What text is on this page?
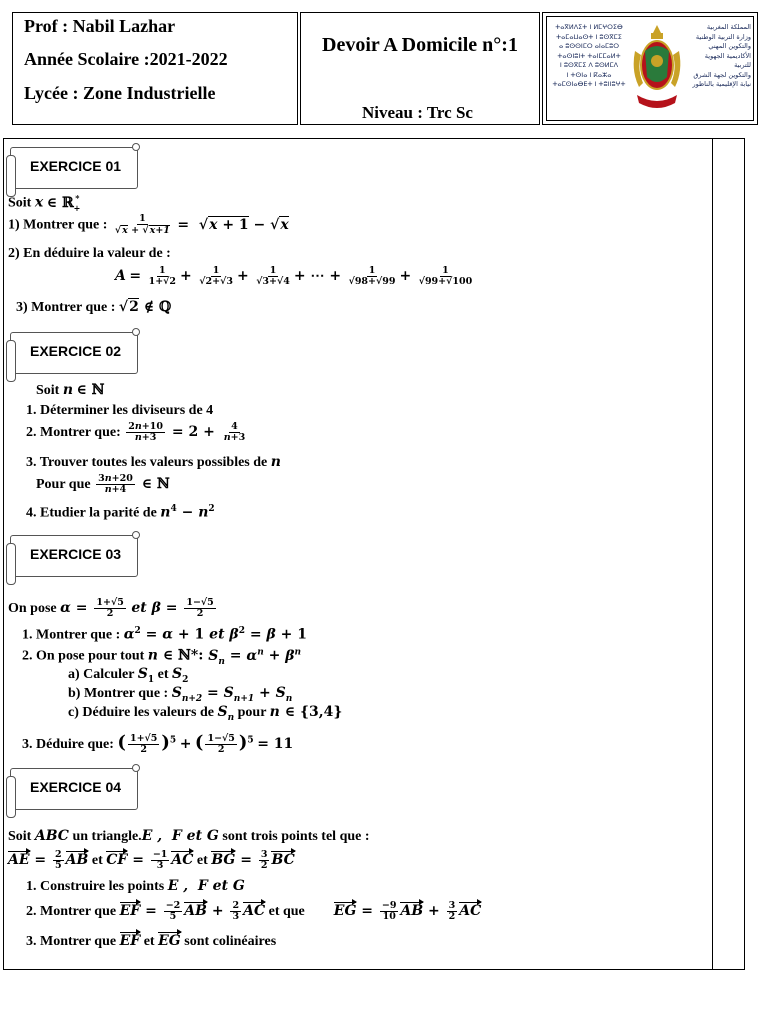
Prof : Nabil Lazhar
Année Scolaire :2021-2022
Lycée : Zone Industrielle
Devoir A Domicile n°:1
Niveau : Trc Sc
ⵜⴰⴳⵍⴷⵉⵜ ⵏ ⵍⵎⵖⵔⵉⴱ
ⵜⴰⵎⴰⵡⴰⵙⵜ ⵏ ⵓⵙⴳⵎⵉ
ⴰ ⵓⵙⵙⵏⵎⵔ ⴰⵏⴰⵎⵓⵔ
ⵜⴰⵙⵏⵓⵏⵜ ⵜⴰⵏⵎⵎⴰⵍⵜ
ⵏ ⵓⵙⴳⵎⵉ ⴷ ⵓⵙⵍⵎⴷ
ⵏ ⵜⵙⵏⴰ ⵏ ⴽⴰⵣⴰ
ⵜⴰⵎⵙⵏⴰⴱⴹⵜ ⵏ ⵜⵓⵏⵏⵓⵖⵜ
المملكة المغربية
وزارة التربية الوطنية
والتكوين المهني
الأكاديمية الجهوية للتربية
والتكوين لجهة الشرق
نيابة الإقليمية بالناظور
EXERCICE 01
Soit x ∈ ℝ$_+$*
1) Montrer que : $\frac{1}{√x + √x+1} = √x + 1 - √x$
2) En déduire la valeur de :
$A = \frac{1}{1+√2} + \frac{1}{√2+√3} + \frac{1}{√3+√4}$ + ⋯ + $\frac{1}{√98+√99} + \frac{1}{√99+√100}$
3) Montrer que : √2 ∉ ℚ
EXERCICE 02
Soit n ∈ ℕ
1. Déterminer les diviseurs de 4
2. Montrer que: $\frac{2n+10}{n+3} = 2 + \frac{4}{n+3}$
3. Trouver toutes les valeurs possibles de n
Pour que $\frac{3n+20}{n+4}$ ∈ ℕ
4. Etudier la parité de $n^4 - n^2$
EXERCICE 03
On pose $\alpha = \frac{1+√5}{2}$ et $\beta = \frac{1-√5}{2}$
1. Montrer que : $\alpha^2 = \alpha + 1$ et $\beta^2 = \beta + 1$
2. On pose pour tout n ∈ ℕ*: $S_n = \alpha^n + \beta^n$
a) Calculer $S_1$ et $S_2$
b) Montrer que : $S_{n+2} = S_{n+1} + S_n$
c) Déduire les valeurs de $S_n$ pour n ∈ {3,4}
3. Déduire que: ( $\frac{1+√5}{2} )^5$ + ( $\frac{1-√5}{2} )^5 = 11$
EXERCICE 04
Soit ABC un triangle.E ,  F et G sont trois points tel que :
AE = $\frac{2}{5}$ AB et CF = $\frac{-1}{3}$ AC et BG = $\frac{3}{2}$ BC
1. Construire les points E ,  F et G
2. Montrer que EF = $\frac{-2}{5}$ AB + $\frac{2}{3}$ AC et que EG = $\frac{-9}{10}$ AB + $\frac{3}{2}$ AC
3. Montrer que EF et EG sont colinéaires
